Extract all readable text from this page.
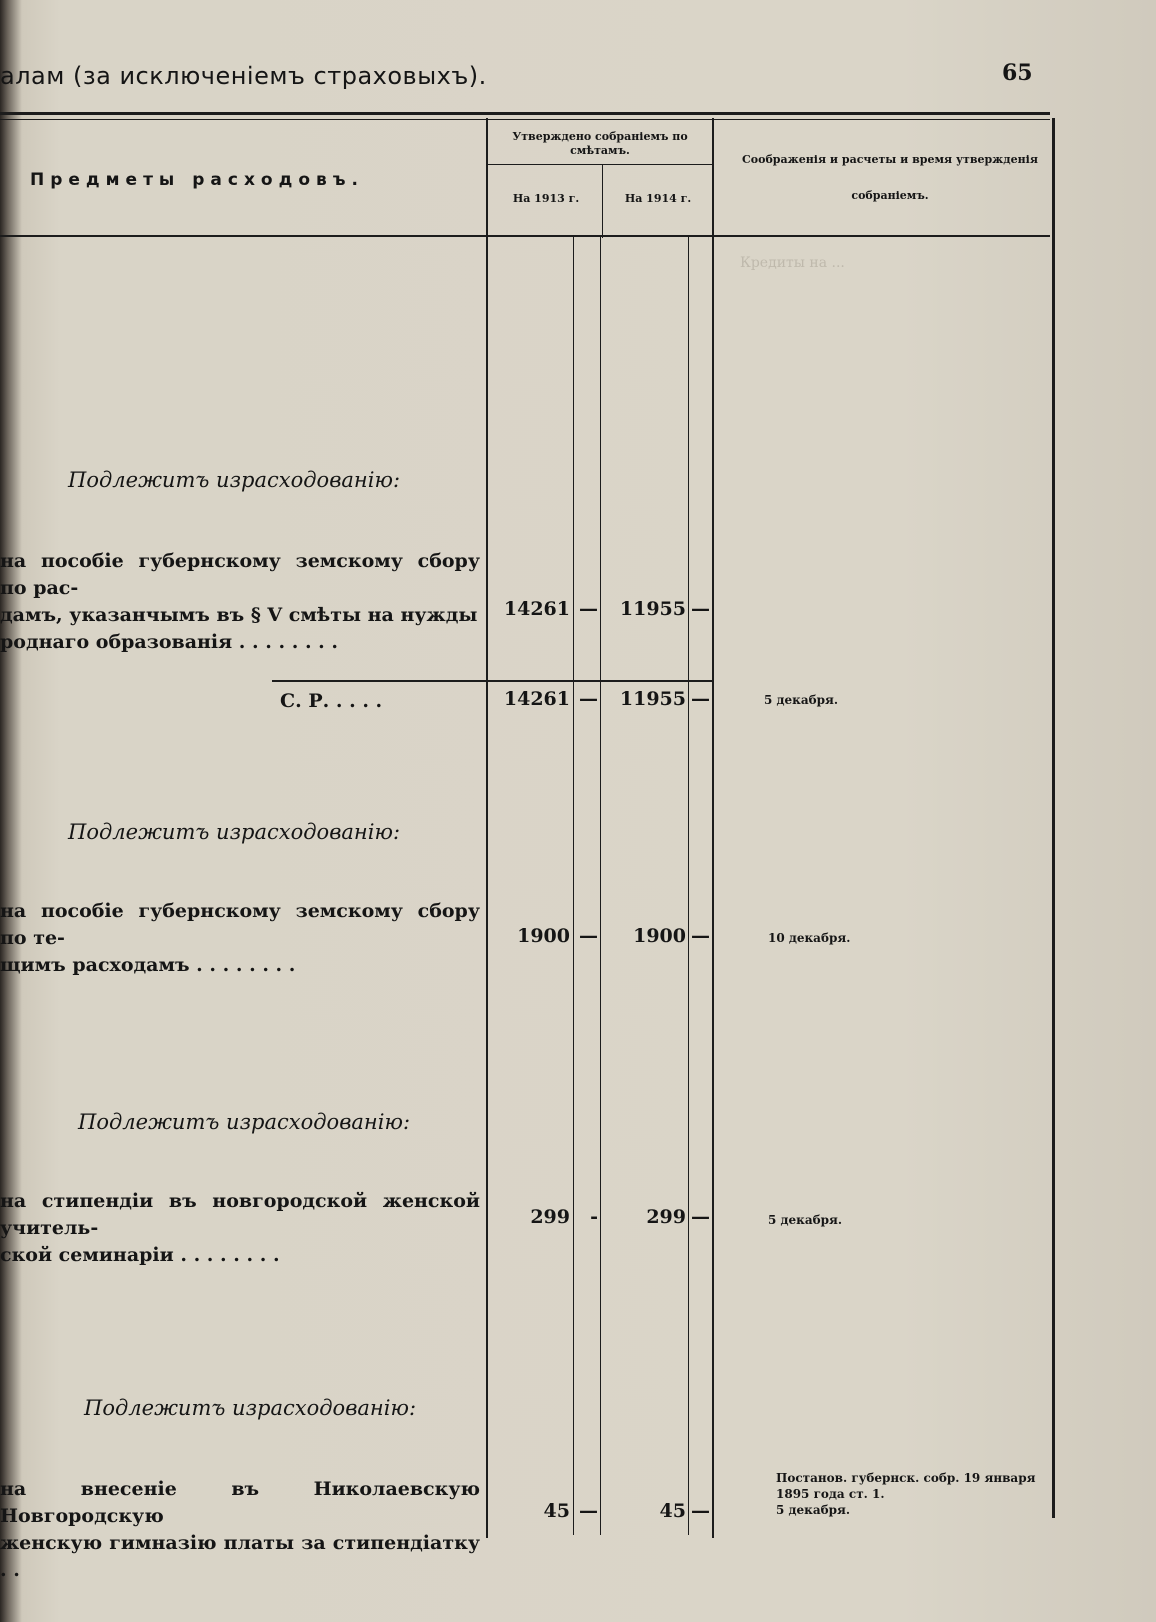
алам (за исключеніемъ страховыхъ).	65
Предметы расходовъ.
Утверждено собраніемъ по смѣтамъ.
На 1913 г.	На 1914 г.
Соображенія и расчеты и время утвержденія собраніемъ.
Кредиты на ...
Подлежитъ израсходованію:
на пособіе губернскому земскому сбору по рас-
дамъ, указанчымъ въ § V смѣты на нужды
роднаго образованія . . . . . . . .
14261 —	11955 —
С. Р. . . . .	14261 —	11955 —	5 декабря.
Подлежитъ израсходованію:
на пособіе губернскому земскому сбору по те-
щимъ расходамъ . . . . . . . .
1900 —	1900 —	10 декабря.
Подлежитъ израсходованію:
на стипендіи въ новгородской женской учитель-
ской семинаріи . . . . . . . .
299	-	299 —	5 декабря.
Подлежитъ израсходованію:
на внесеніе въ Николаевскую Новгородскую
женскую гимназію платы за стипендіатку . .
45 —	45 —
Постанов. губернск. собр. 19 января
1895 года ст. 1.
5 декабря.
